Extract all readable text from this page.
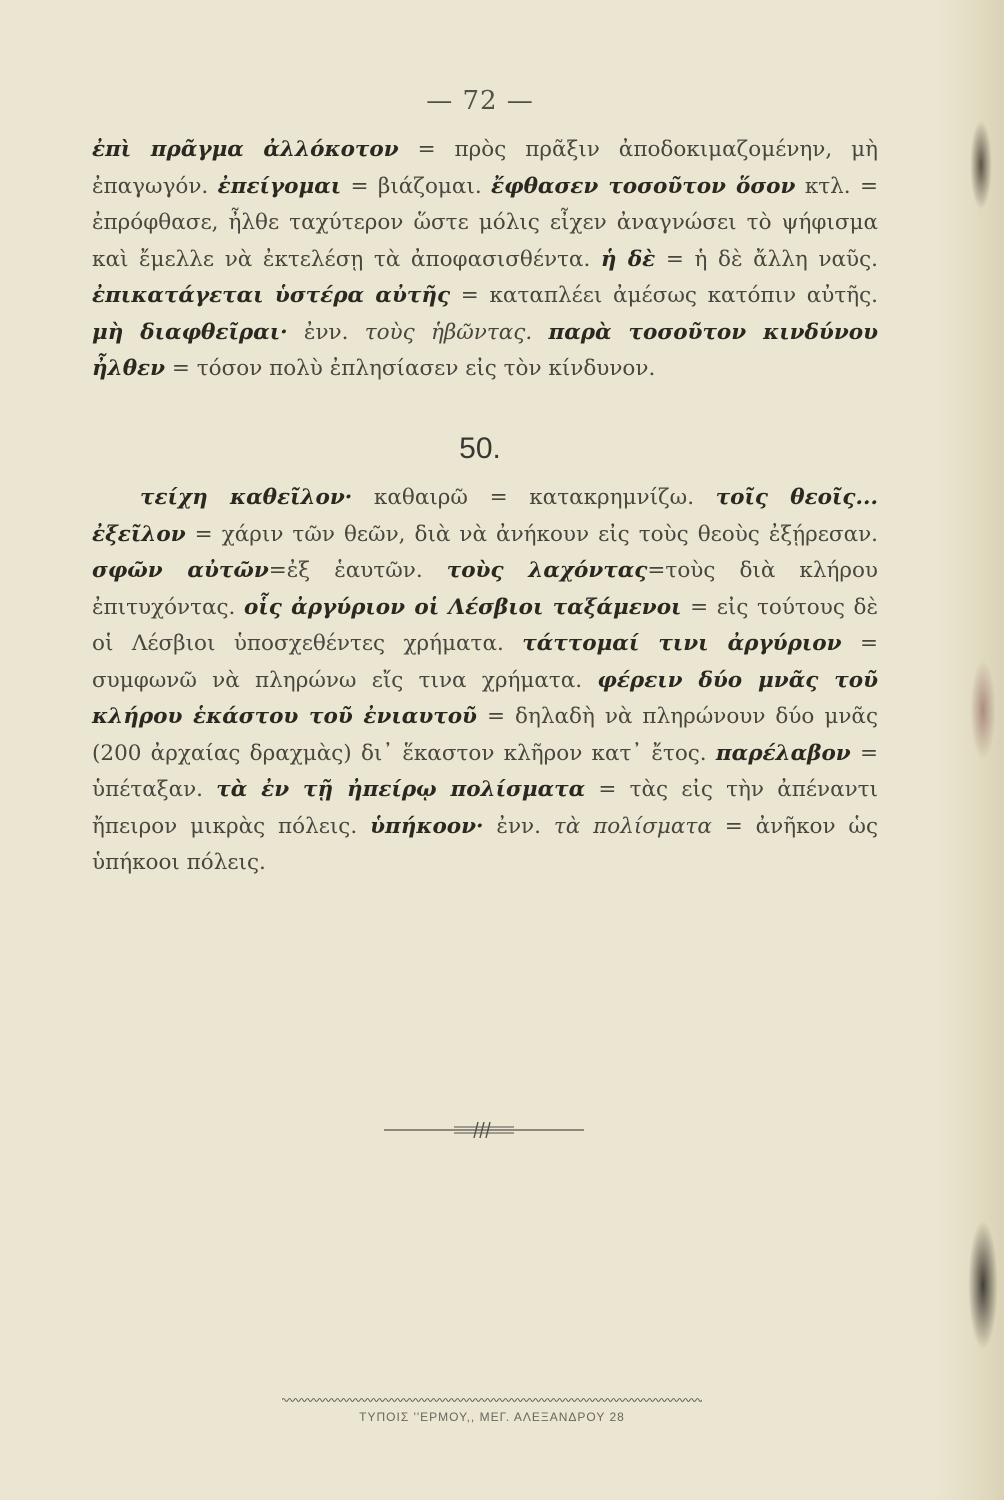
— 72 —

ἐπὶ πρᾶγμα ἀλλόκοτον = πρὸς πρᾶξιν ἀποδοκιμαζομένην, μὴ ἐπαγωγόν. ἐπείγομαι = βιάζομαι. ἔφθασεν τοσοῦτον ὅσον κτλ. = ἐπρόφθασε, ἦλθε ταχύτερον ὥστε μόλις εἶχεν ἀναγνώσει τὸ ψήφισμα καὶ ἔμελλε νὰ ἐκτελέσῃ τὰ ἀποφασισθέντα. ἡ δὲ = ἡ δὲ ἄλλη ναῦς. ἐπικατάγεται ὑστέρα αὐτῆς = καταπλέει ἀμέσως κατόπιν αὐτῆς. μὴ διαφθεῖραι· ἐνν. τοὺς ἡβῶντας. παρὰ τοσοῦτον κινδύνου ἦλθεν = τόσον πολὺ ἐπλησίασεν εἰς τὸν κίνδυνον.

50.

τείχη καθεῖλον· καθαιρῶ = κατακρημνίζω. τοῖς θεοῖς... ἐξεῖλον = χάριν τῶν θεῶν, διὰ νὰ ἀνήκουν εἰς τοὺς θεοὺς ἐξῄρεσαν. σφῶν αὐτῶν=ἐξ ἑαυτῶν. τοὺς λαχόντας=τοὺς διὰ κλήρου ἐπιτυχόντας. οἷς ἀργύριον οἱ Λέσβιοι ταξάμενοι = εἰς τούτους δὲ οἱ Λέσβιοι ὑποσχεθέντες χρήματα. τάττομαί τινι ἀργύριον = συμφωνῶ νὰ πληρώνω εἴς τινα χρήματα. φέρειν δύο μνᾶς τοῦ κλήρου ἑκάστου τοῦ ἐνιαυτοῦ = δηλαδὴ νὰ πληρώνουν δύο μνᾶς (200 ἀρχαίας δραχμὰς) δι᾿ ἕκαστον κλῆρον κατ᾿ ἔτος. παρέλαβον = ὑπέταξαν. τὰ ἐν τῇ ἠπείρῳ πολίσματα = τὰς εἰς τὴν ἀπέναντι ἤπειρον μικρὰς πόλεις. ὑπήκοον· ἐνν. τὰ πολίσματα = ἀνῆκον ὡς ὑπήκοοι πόλεις.

ΤΥΠΟΙΣ ''ΕΡΜΟΥ,, ΜΕΓ. ΑΛΕΞΑΝΔΡΟΥ 28
